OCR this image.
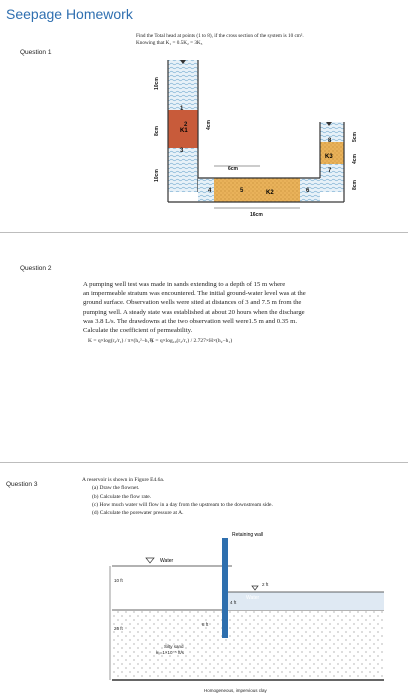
Seepage Homework
Question 1
Find the Total head at points (1 to 8), if the cross section of the system is 10 cm².
Knowing that K₁ = 0.5K₂ = 3K₃
K1
K2
K3
1
2
3
4	5	6
7
8
10cm
8cm
10cm
4cm
6cm
16cm
5cm
4cm
8cm
Question 2
A pumping well test was made in sands extending to a depth of 15 m where
an impermeable stratum was encountered. The initial ground-water level was at the
ground surface. Observation wells were sited at distances of 3 and 7.5 m from the
pumping well. A steady state was established at about 20 hours when the discharge
was 3.8 L/s. The drawdowns at the two observation well were1.5 m and 0.35 m.
Calculate the coefficient of permeability.
K = q×log(r₂/r₁) / π×(h₂²−h₁²)
K = q×log₁₀(r₂/r₁) / 2.727×H×(h₂−h₁)
Question 3
A reservoir is shown in Figure E4.6a.
(a) Draw the flownet.
(b) Calculate the flow rate.
(c) How much water will flow in a day from the upstream to the downstream side.
(d) Calculate the porewater pressure at A.
Water
Water
Retaining wall
10 ft
2 ft
26 ft
8 ft
4 ft
Silty sand
kₓ=1×10⁻⁵ ft/s
Homogeneous, impervious clay
